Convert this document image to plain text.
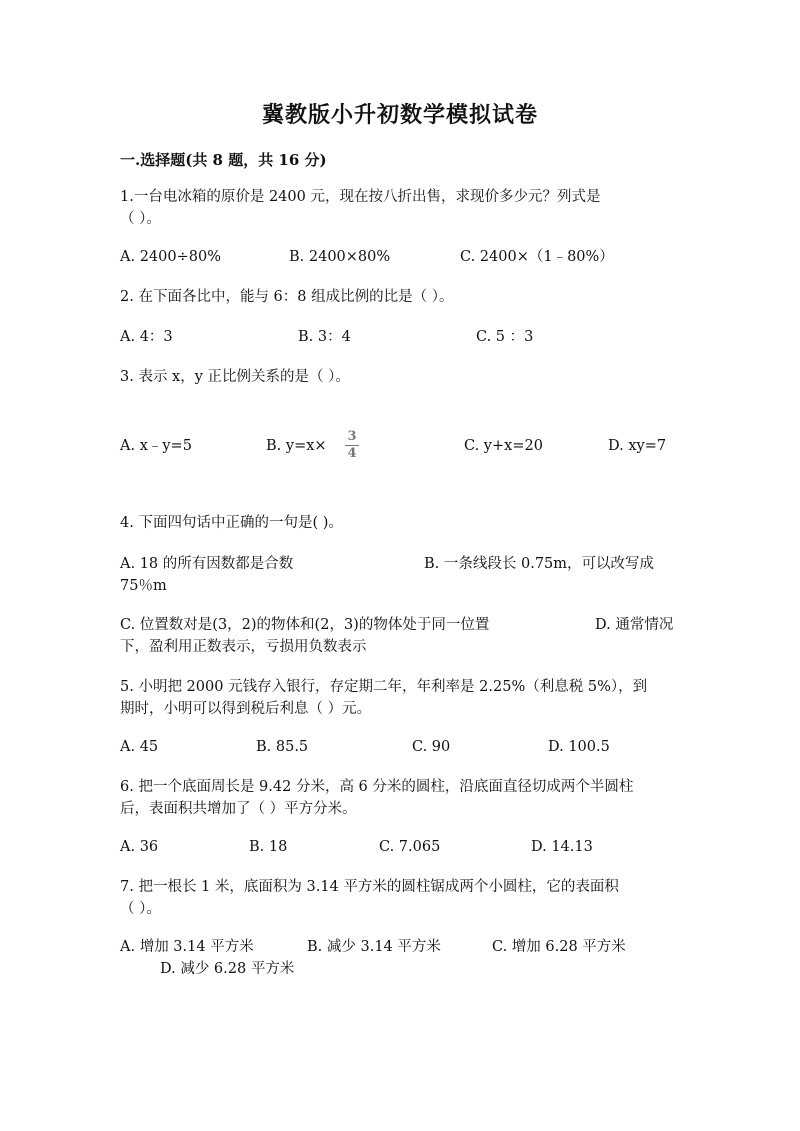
冀教版小升初数学模拟试卷
一.选择题(共 8 题，共 16 分)
1.一台电冰箱的原价是 2400 元，现在按八折出售，求现价多少元？列式是
（ ）。
A. 2400÷80%	B. 2400×80%	C. 2400×（1﹣80%）
2. 在下面各比中，能与 6：8 组成比例的比是（ ）。
A. 4：3	B. 3：4	C. 5 ：3
3. 表示 x，y 正比例关系的是（ ）。
A. x﹣y=5	B. y=x×
3
4	C. y+x=20	D. xy=7
4. 下面四句话中正确的一句是( )。
A. 18 的所有因数都是合数	B. 一条线段长 0.75m，可以改写成
75％m
C. 位置数对是(3，2)的物体和(2，3)的物体处于同一位置	D. 通常情况
下，盈利用正数表示，亏损用负数表示
5. 小明把 2000 元钱存入银行，存定期二年，年利率是 2.25%（利息税 5%），到
期时，小明可以得到税后利息（ ）元。
A. 45	B. 85.5	C. 90	D. 100.5
6. 把一个底面周长是 9.42 分米，高 6 分米的圆柱，沿底面直径切成两个半圆柱
后，表面积共增加了（ ）平方分米。
A. 36	B. 18	C. 7.065	D. 14.13
7. 把一根长 1 米，底面积为 3.14 平方米的圆柱锯成两个小圆柱，它的表面积
（ ）。
A. 增加 3.14 平方米	B. 减少 3.14 平方米	C. 增加 6.28 平方米
D. 减少 6.28 平方米
